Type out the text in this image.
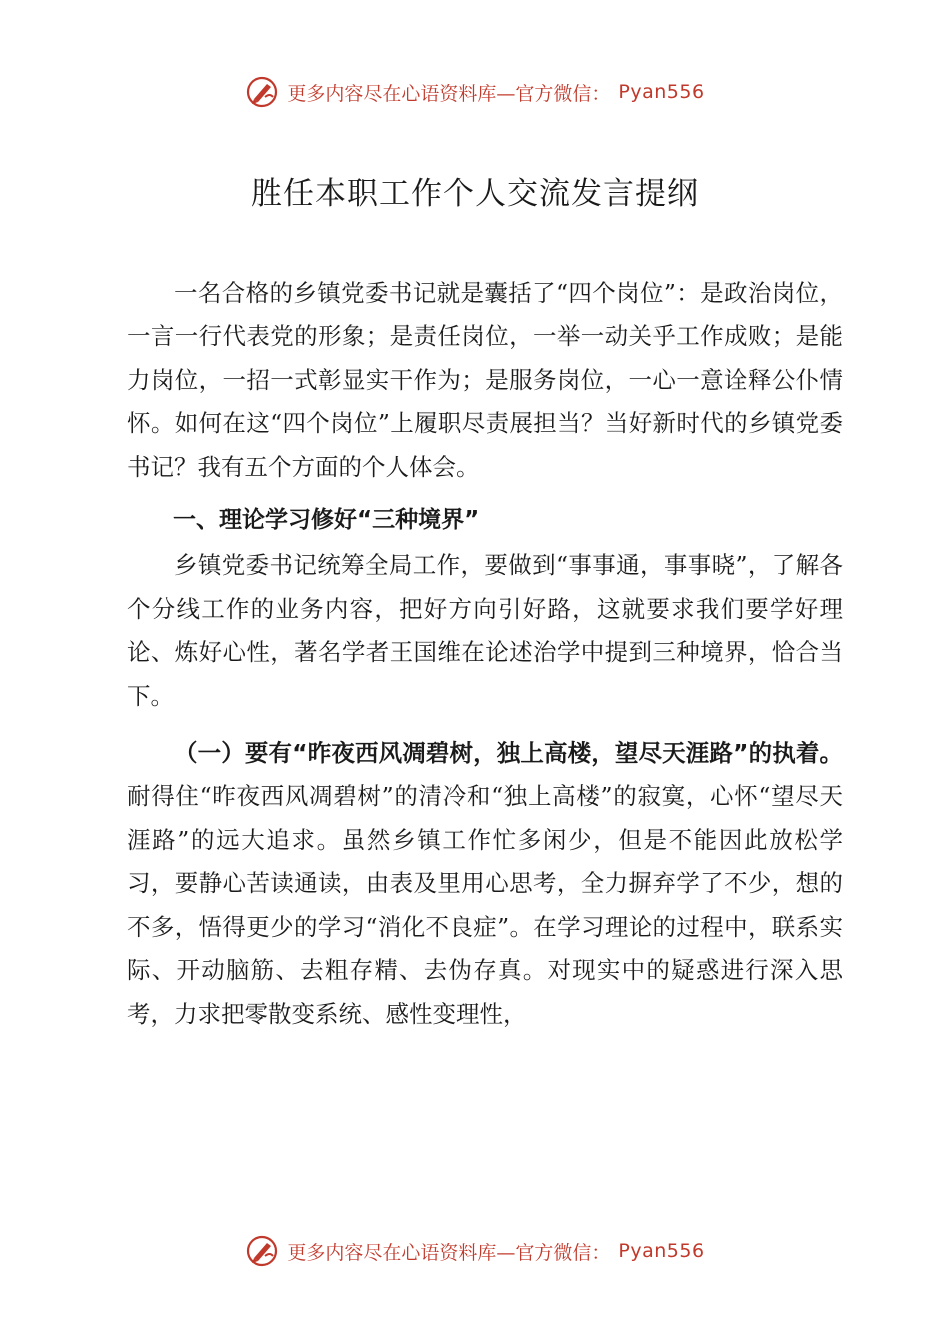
更多内容尽在心语资料库—官方微信： Pyan556
胜任本职工作个人交流发言提纲

一名合格的乡镇党委书记就是囊括了“四个岗位”：是政治岗位，一言一行代表党的形象；是责任岗位，一举一动关乎工作成败；是能力岗位，一招一式彰显实干作为；是服务岗位，一心一意诠释公仆情怀。如何在这“四个岗位”上履职尽责展担当？当好新时代的乡镇党委书记？我有五个方面的个人体会。

一、理论学习修好“三种境界”

乡镇党委书记统筹全局工作，要做到“事事通，事事晓”，了解各个分线工作的业务内容，把好方向引好路，这就要求我们要学好理论、炼好心性，著名学者王国维在论述治学中提到三种境界，恰合当下。

（一）要有“昨夜西风凋碧树，独上高楼，望尽天涯路”的执着。耐得住“昨夜西风凋碧树”的清冷和“独上高楼”的寂寞，心怀“望尽天涯路”的远大追求。虽然乡镇工作忙多闲少，但是不能因此放松学习，要静心苦读通读，由表及里用心思考，全力摒弃学了不少，想的不多，悟得更少的学习“消化不良症”。在学习理论的过程中，联系实际、开动脑筋、去粗存精、去伪存真。对现实中的疑惑进行深入思考，力求把零散变系统、感性变理性，

更多内容尽在心语资料库—官方微信： Pyan556
